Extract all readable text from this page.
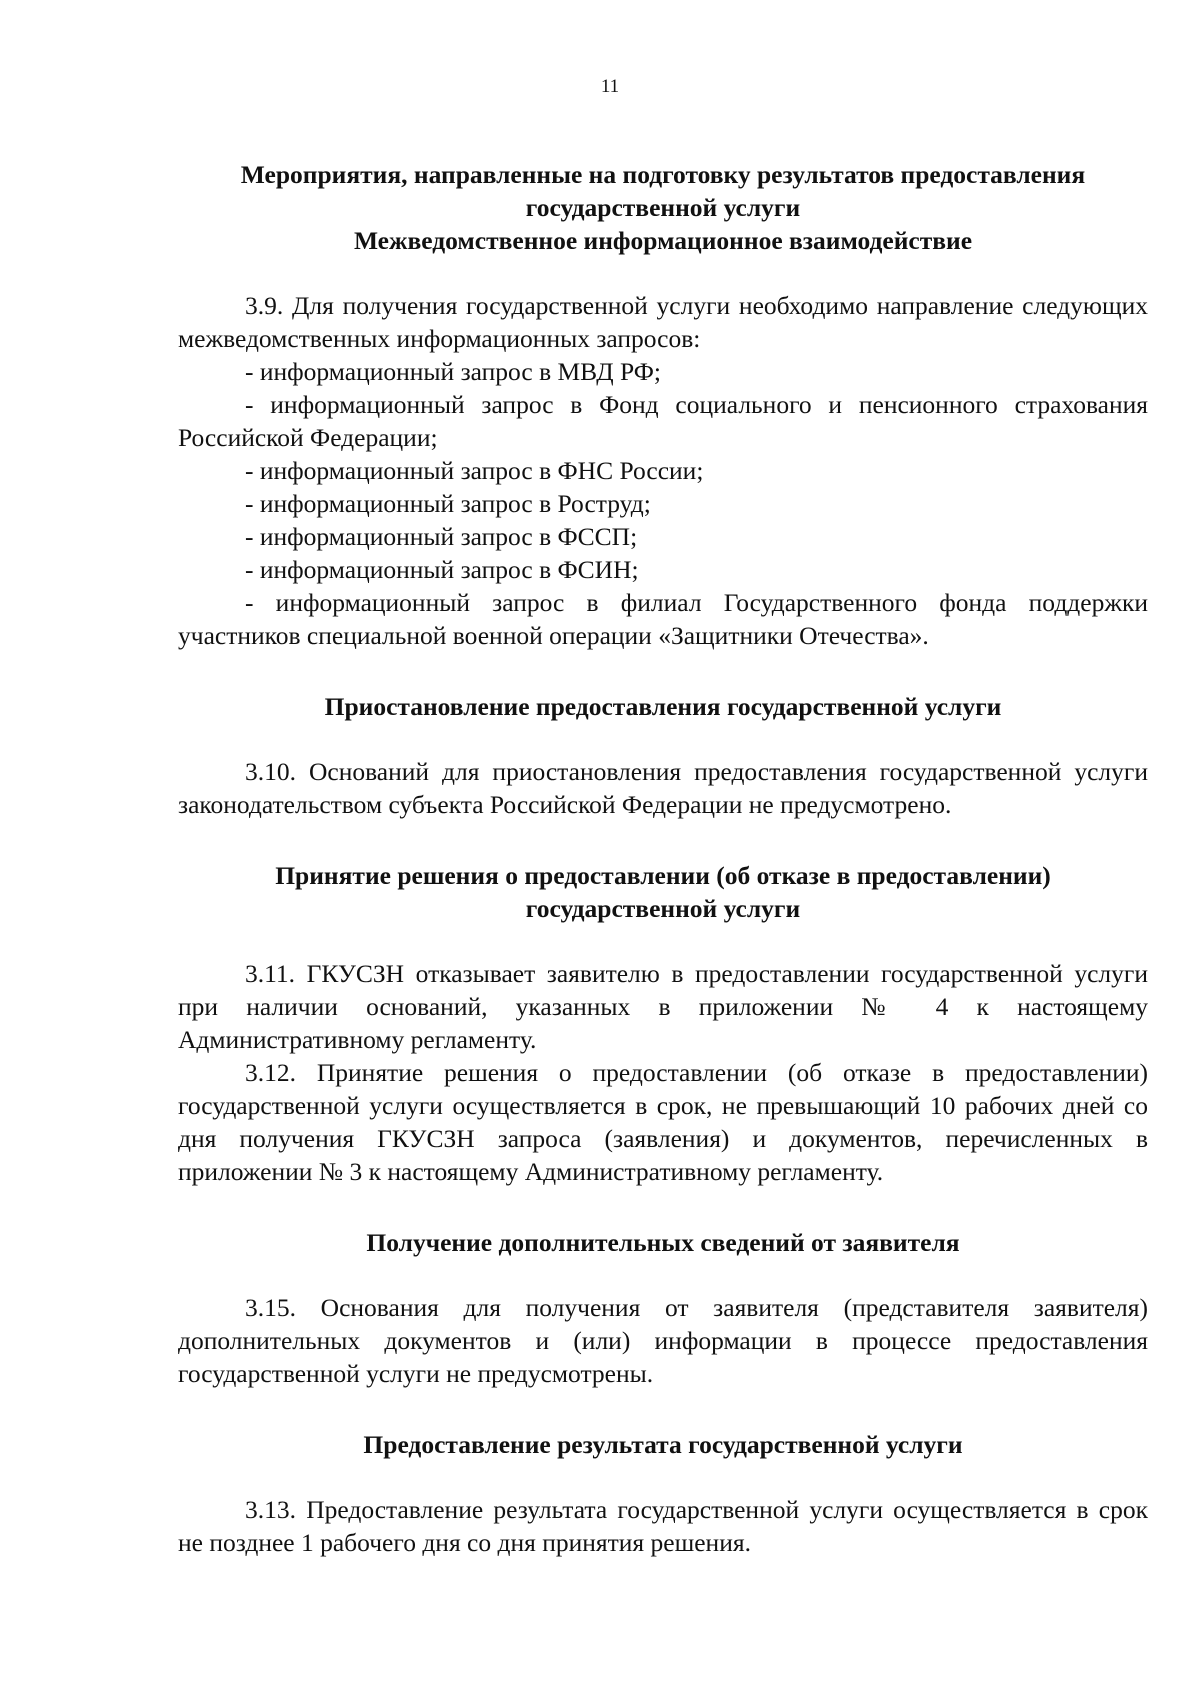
11

Мероприятия, направленные на подготовку результатов предоставления государственной услуги

Межведомственное информационное взаимодействие

3.9. Для получения государственной услуги необходимо направление следующих межведомственных информационных запросов:

- информационный запрос в МВД РФ;

- информационный запрос в Фонд социального и пенсионного страхования Российской Федерации;

- информационный запрос в ФНС России;

- информационный запрос в Роструд;

- информационный запрос в ФССП;

- информационный запрос в ФСИН;

- информационный запрос в филиал Государственного фонда поддержки участников специальной военной операции «Защитники Отечества».

Приостановление предоставления государственной услуги

3.10. Оснований для приостановления предоставления государственной услуги законодательством субъекта Российской Федерации не предусмотрено.

Принятие решения о предоставлении (об отказе в предоставлении) государственной услуги

3.11. ГКУСЗН отказывает заявителю в предоставлении государственной услуги при наличии оснований, указанных в приложении № 4 к настоящему Административному регламенту.

3.12. Принятие решения о предоставлении (об отказе в предоставлении) государственной услуги осуществляется в срок, не превышающий 10 рабочих дней со дня получения ГКУСЗН запроса (заявления) и документов, перечисленных в приложении № 3 к настоящему Административному регламенту.

Получение дополнительных сведений от заявителя

3.15. Основания для получения от заявителя (представителя заявителя) дополнительных документов и (или) информации в процессе предоставления государственной услуги не предусмотрены.

Предоставление результата государственной услуги

3.13. Предоставление результата государственной услуги осуществляется в срок не позднее 1 рабочего дня со дня принятия решения.
